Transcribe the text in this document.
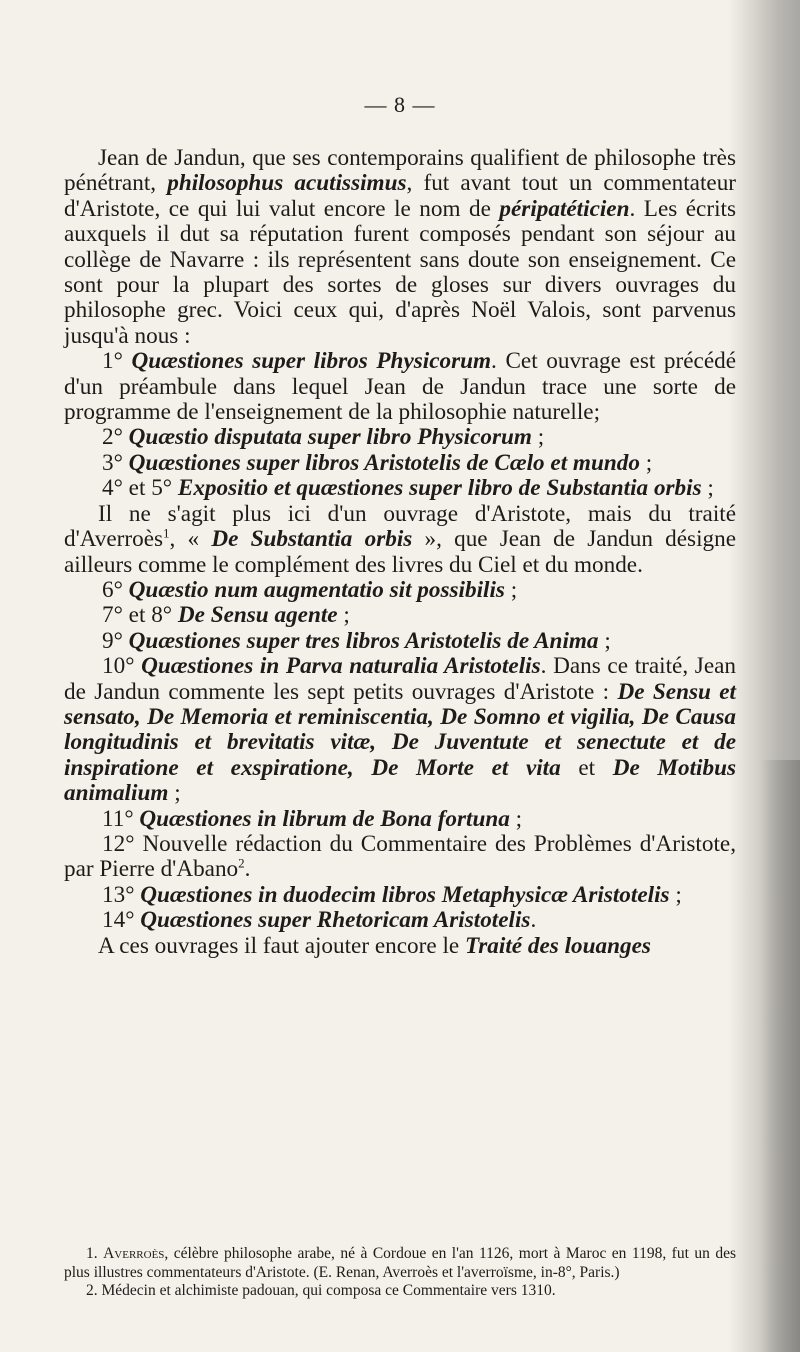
— 8 —

Jean de Jandun, que ses contemporains qualifient de philosophe très pénétrant, philosophus acutissimus, fut avant tout un commentateur d'Aristote, ce qui lui valut encore le nom de péripatéticien. Les écrits auxquels il dut sa réputation furent composés pendant son séjour au collège de Navarre : ils représentent sans doute son enseignement. Ce sont pour la plupart des sortes de gloses sur divers ouvrages du philosophe grec. Voici ceux qui, d'après Noël Valois, sont parvenus jusqu'à nous :

1° Quæstiones super libros Physicorum. Cet ouvrage est précédé d'un préambule dans lequel Jean de Jandun trace une sorte de programme de l'enseignement de la philosophie naturelle;

2° Quæstio disputata super libro Physicorum ;

3° Quæstiones super libros Aristotelis de Cælo et mundo ;

4° et 5° Expositio et quæstiones super libro de Substantia orbis ;

Il ne s'agit plus ici d'un ouvrage d'Aristote, mais du traité d'Averroès$^1$, « De Substantia orbis », que Jean de Jandun désigne ailleurs comme le complément des livres du Ciel et du monde.

6° Quæstio num augmentatio sit possibilis ;

7° et 8° De Sensu agente ;

9° Quæstiones super tres libros Aristotelis de Anima ;

10° Quæstiones in Parva naturalia Aristotelis. Dans ce traité, Jean de Jandun commente les sept petits ouvrages d'Aristote : De Sensu et sensato, De Memoria et reminiscentia, De Somno et vigilia, De Causa longitudinis et brevitatis vitæ, De Juventute et senectute et de inspiratione et exspiratione, De Morte et vita et De Motibus animalium ;

11° Quæstiones in librum de Bona fortuna ;

12° Nouvelle rédaction du Commentaire des Problèmes d'Aristote, par Pierre d'Abano$^2$.

13° Quæstiones in duodecim libros Metaphysicæ Aristotelis ;

14° Quæstiones super Rhetoricam Aristotelis.

A ces ouvrages il faut ajouter encore le Traité des louanges

1. Averroès, célèbre philosophe arabe, né à Cordoue en l'an 1126, mort à Maroc en 1198, fut un des plus illustres commentateurs d'Aristote. (E. Renan, Averroès et l'averroïsme, in-8°, Paris.)

2. Médecin et alchimiste padouan, qui composa ce Commentaire vers 1310.
